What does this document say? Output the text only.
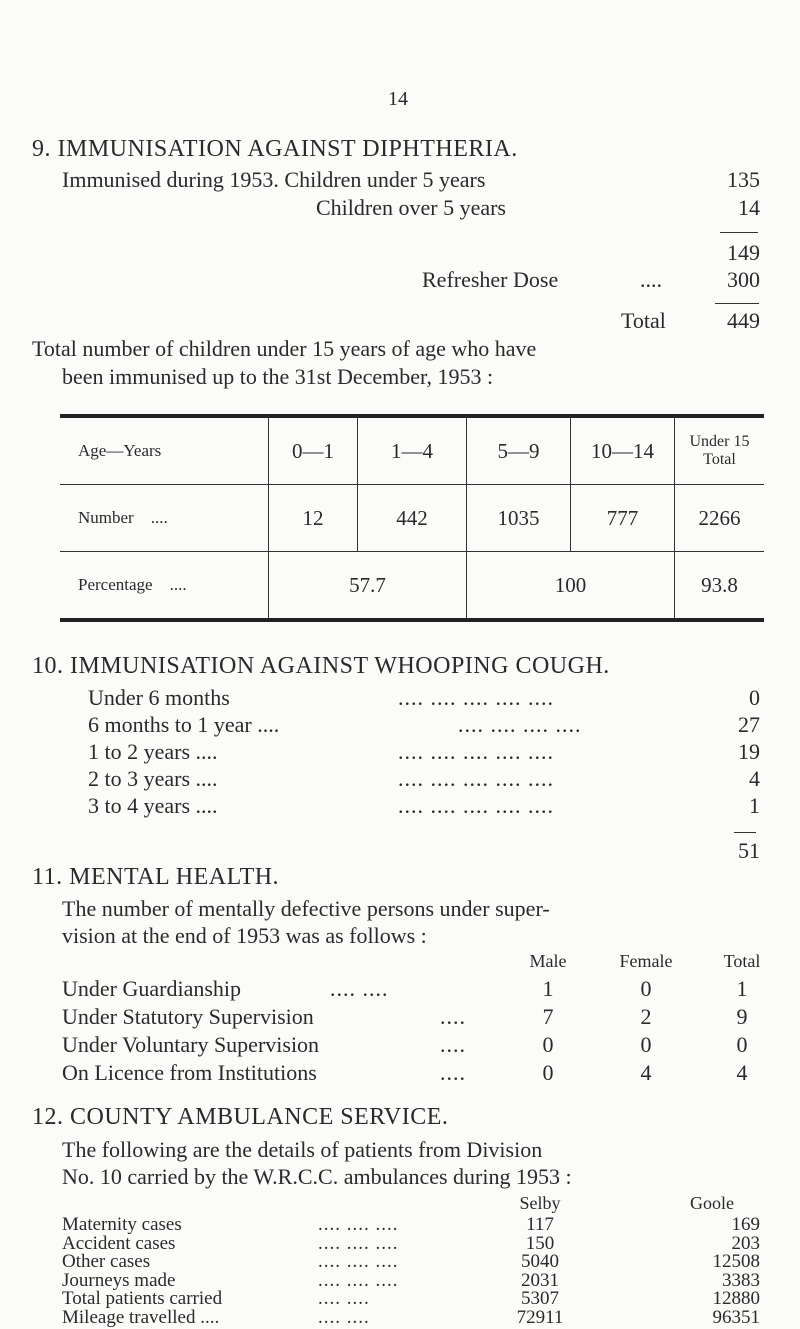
14
9. IMMUNISATION AGAINST DIPHTHERIA.
Immunised during 1953. Children under 5 years	135
Children over 5 years	14
149
Refresher Dose	....	300
Total	449
Total number of children under 15 years of age who have
been immunised up to the 31st December, 1953 :
Age—Years	0—1	1—4	5—9	10—14	Under 15
Total
Number ....	12	442	1035	777	2266
Percentage ....	57.7		100		93.8
10. IMMUNISATION AGAINST WHOOPING COUGH.
Under 6 months	.... .... .... .... ....	0
6 months to 1 year ....	.... .... .... ....	27
1 to 2 years ....	.... .... .... .... ....	19
2 to 3 years ....	.... .... .... .... ....	4
3 to 4 years ....	.... .... .... .... ....	1
51
11. MENTAL HEALTH.
The number of mentally defective persons under super-
vision at the end of 1953 was as follows :
Male	Female	Total
Under Guardianship	.... ....	1	0	1
Under Statutory Supervision	....	7	2	9
Under Voluntary Supervision	....	0	0	0
On Licence from Institutions	....	0	4	4
12. COUNTY AMBULANCE SERVICE.
The following are the details of patients from Division
No. 10 carried by the W.R.C.C. ambulances during 1953 :
Selby	Goole
Maternity cases	.... .... ....	117	169
Accident cases	.... .... ....	150	203
Other cases	.... .... ....	5040	12508
Journeys made	.... .... ....	2031	3383
Total patients carried	.... ....	5307	12880
Mileage travelled ....	.... ....	72911	96351
